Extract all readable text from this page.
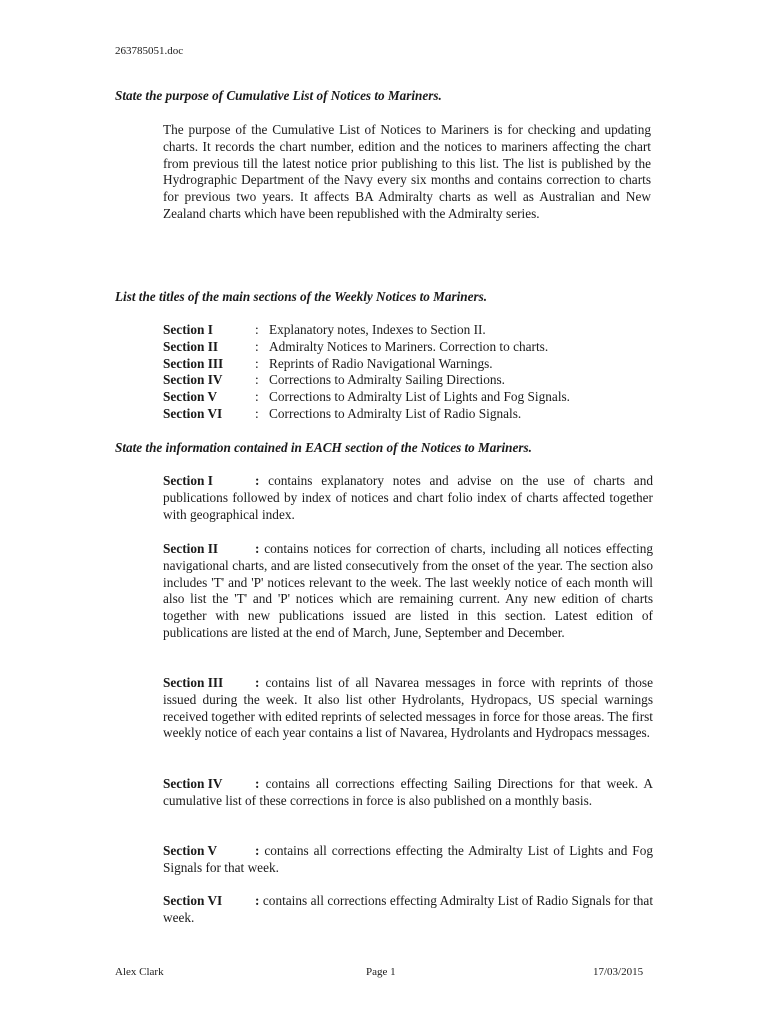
263785051.doc
State the purpose of Cumulative List of Notices to Mariners.
The purpose of the Cumulative List of Notices to Mariners is for checking and updating charts. It records the chart number, edition and the notices to mariners affecting the chart from previous till the latest notice prior publishing to this list. The list is published by the Hydrographic Department of the Navy every six months and contains correction to charts for previous two years. It affects BA Admiralty charts as well as Australian and New Zealand charts which have been republished with the Admiralty series.
List the titles of the main sections of the Weekly Notices to Mariners.
Section I	: Explanatory notes, Indexes to Section II.
Section II	: Admiralty Notices to Mariners. Correction to charts.
Section III	: Reprints of Radio Navigational Warnings.
Section IV	: Corrections to Admiralty Sailing Directions.
Section V	: Corrections to Admiralty List of Lights and Fog Signals.
Section VI	: Corrections to Admiralty List of Radio Signals.
State the information contained in EACH section of the Notices to Mariners.
Section I	: contains explanatory notes and advise on the use of charts and publications followed by index of notices and chart folio index of charts affected together with geographical index.
Section II	: contains notices for correction of charts, including all notices effecting navigational charts, and are listed consecutively from the onset of the year. The section also includes 'T' and 'P' notices relevant to the week. The last weekly notice of each month will also list the 'T' and 'P' notices which are remaining current. Any new edition of charts together with new publications issued are listed in this section. Latest edition of publications are listed at the end of March, June, September and December.
Section III : contains list of all Navarea messages in force with reprints of those issued during the week. It also list other Hydrolants, Hydropacs, US special warnings received together with edited reprints of selected messages in force for those areas. The first weekly notice of each year contains a list of Navarea, Hydrolants and Hydropacs messages.
Section IV : contains all corrections effecting Sailing Directions for that week. A cumulative list of these corrections in force is also published on a monthly basis.
Section V	: contains all corrections effecting the Admiralty List of Lights and Fog Signals for that week.
Section VI : contains all corrections effecting Admiralty List of Radio Signals for that week.
Alex Clark	Page 1	17/03/2015
